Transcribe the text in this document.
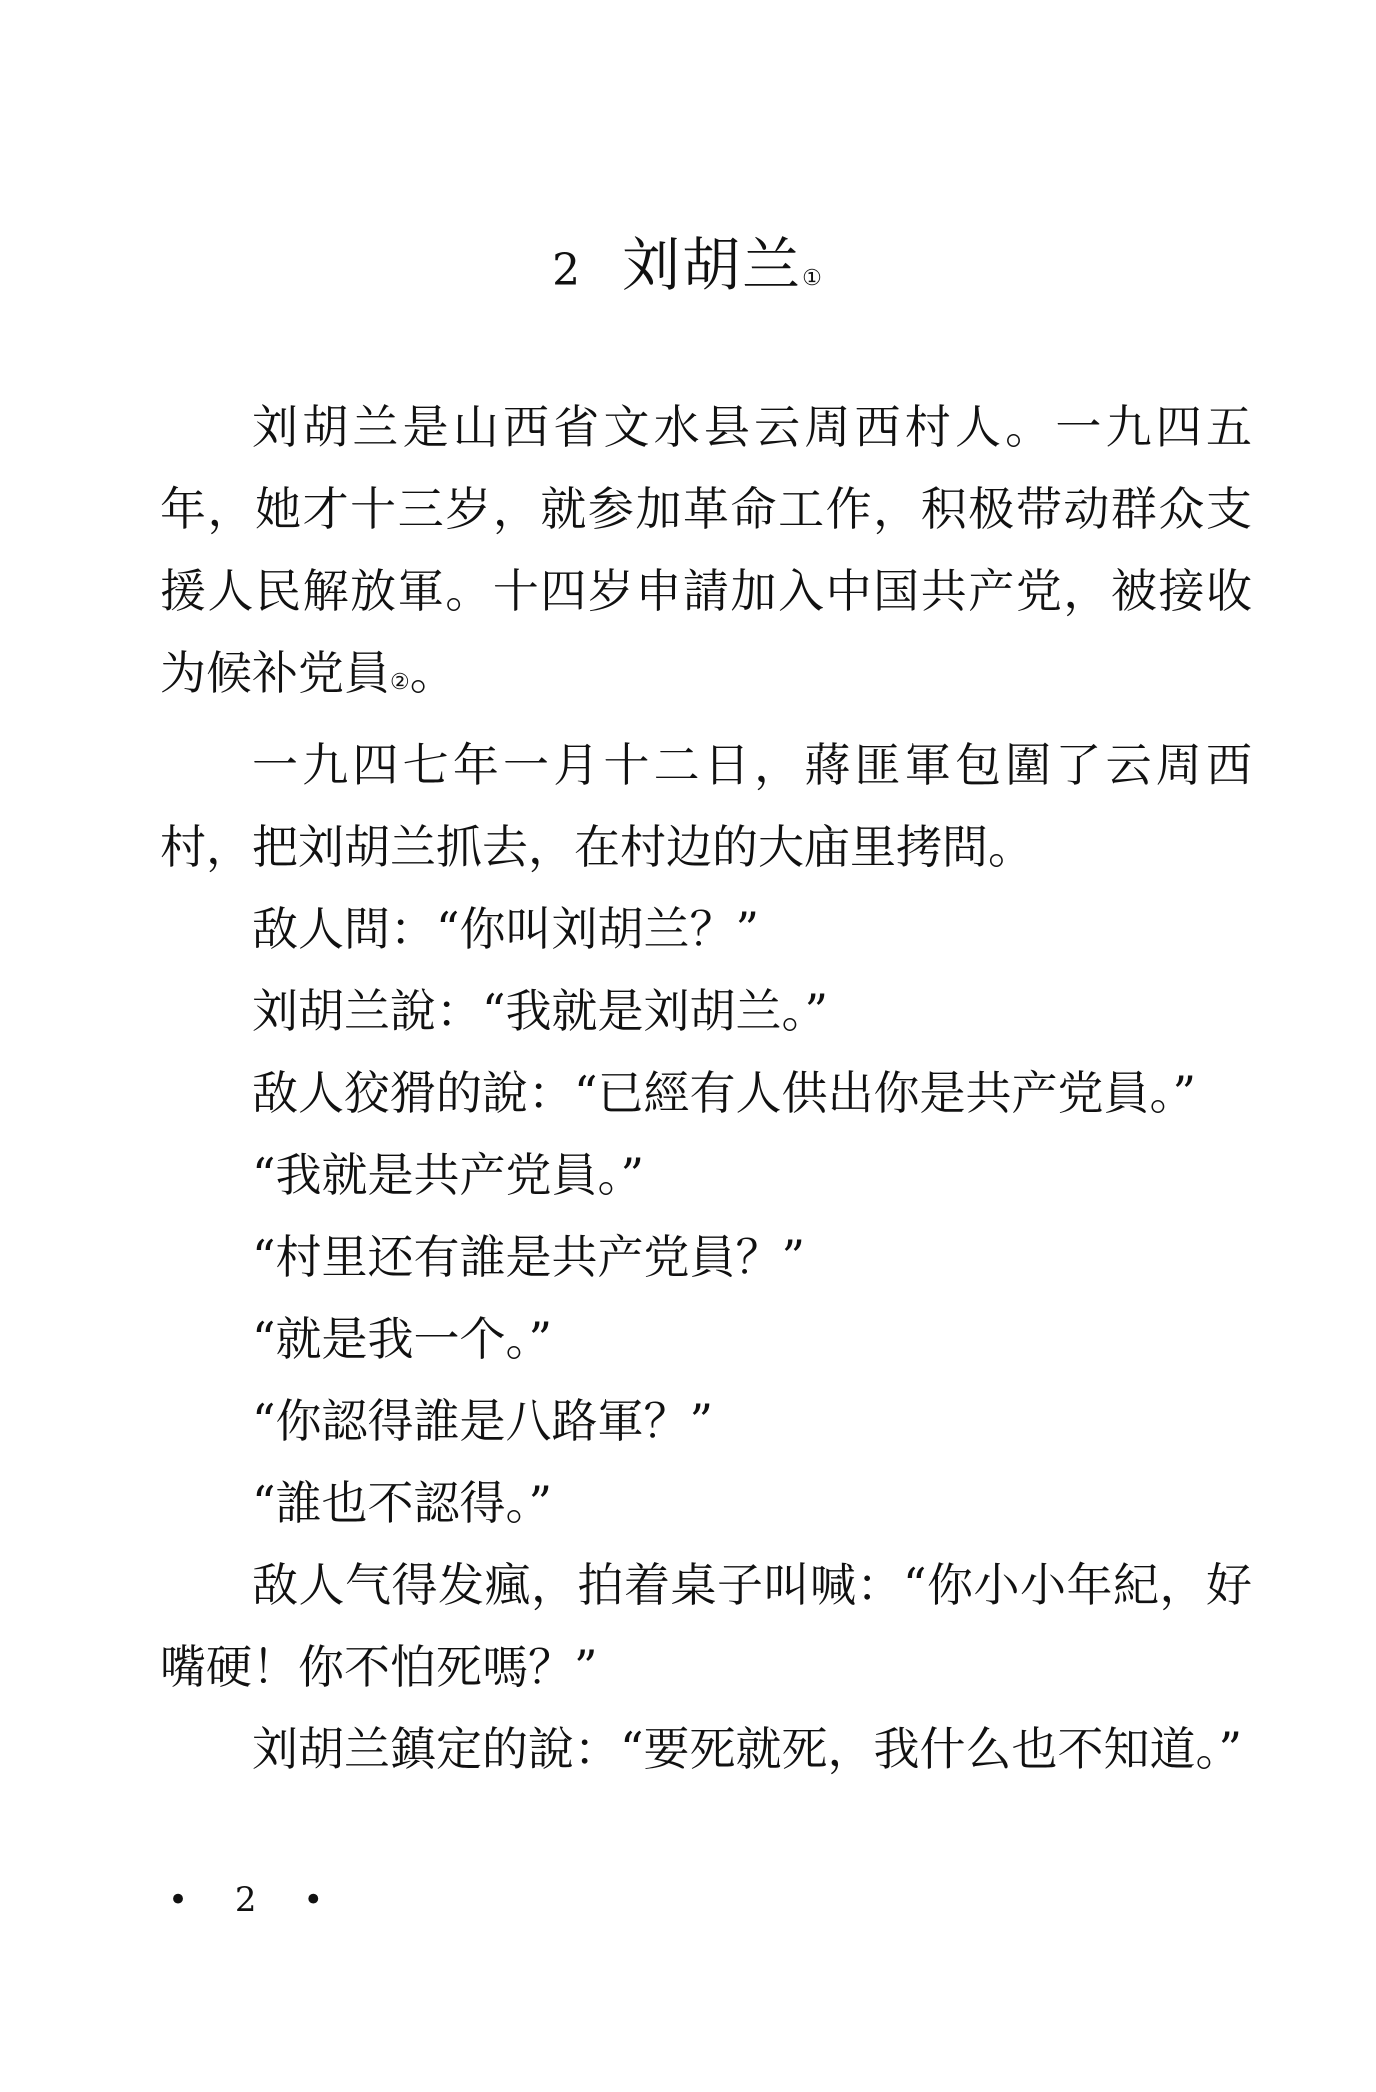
2 刘胡兰①

刘胡兰是山西省文水县云周西村人。一九四五年，她才十三岁，就参加革命工作，积极带动群众支援人民解放軍。十四岁申請加入中国共产党，被接收为候补党員②。

一九四七年一月十二日，蔣匪軍包圍了云周西村，把刘胡兰抓去，在村边的大庙里拷問。

敌人問：“你叫刘胡兰？”

刘胡兰說：“我就是刘胡兰。”

敌人狡猾的說：“已經有人供出你是共产党員。”

“我就是共产党員。”

“村里还有誰是共产党員？”

“就是我一个。”

“你認得誰是八路軍？”

“誰也不認得。”

敌人气得发瘋，拍着桌子叫喊：“你小小年紀，好嘴硬！你不怕死嗎？”

刘胡兰鎮定的說：“要死就死，我什么也不知道。”

• 2 •
